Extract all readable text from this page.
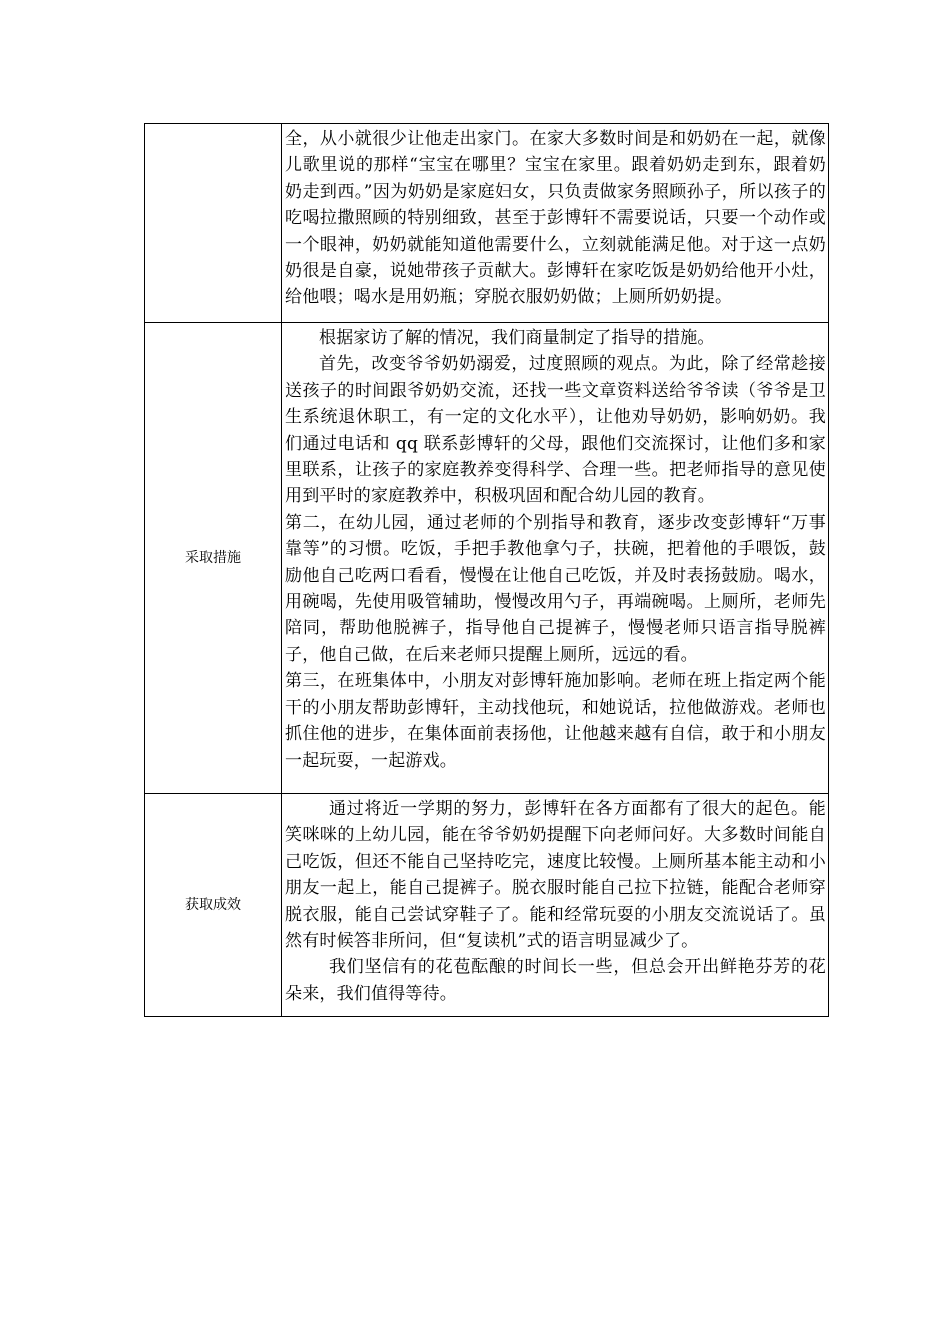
	全，从小就很少让他走出家门。在家大多数时间是和奶奶在一起，就像儿歌里说的那样“宝宝在哪里？宝宝在家里。跟着奶奶走到东，跟着奶奶走到西。”因为奶奶是家庭妇女，只负责做家务照顾孙子，所以孩子的吃喝拉撒照顾的特别细致，甚至于彭博轩不需要说话，只要一个动作或一个眼神，奶奶就能知道他需要什么，立刻就能满足他。对于这一点奶奶很是自豪，说她带孩子贡献大。彭博轩在家吃饭是奶奶给他开小灶，给他喂；喝水是用奶瓶；穿脱衣服奶奶做；上厕所奶奶提。

采取措施	根据家访了解的情况，我们商量制定了指导的措施。

首先，改变爷爷奶奶溺爱，过度照顾的观点。为此，除了经常趁接送孩子的时间跟爷奶奶交流，还找一些文章资料送给爷爷读（爷爷是卫生系统退休职工，有一定的文化水平），让他劝导奶奶，影响奶奶。我们通过电话和 qq 联系彭博轩的父母，跟他们交流探讨，让他们多和家里联系，让孩子的家庭教养变得科学、合理一些。把老师指导的意见使用到平时的家庭教养中，积极巩固和配合幼儿园的教育。

第二，在幼儿园，通过老师的个别指导和教育，逐步改变彭博轩“万事靠等”的习惯。吃饭，手把手教他拿勺子，扶碗，把着他的手喂饭，鼓励他自己吃两口看看，慢慢在让他自己吃饭，并及时表扬鼓励。喝水，用碗喝，先使用吸管辅助，慢慢改用勺子，再端碗喝。上厕所，老师先陪同，帮助他脱裤子，指导他自己提裤子，慢慢老师只语言指导脱裤子，他自己做，在后来老师只提醒上厕所，远远的看。

第三，在班集体中，小朋友对彭博轩施加影响。老师在班上指定两个能干的小朋友帮助彭博轩，主动找他玩，和她说话，拉他做游戏。老师也抓住他的进步，在集体面前表扬他，让他越来越有自信，敢于和小朋友一起玩耍，一起游戏。

获取成效	通过将近一学期的努力，彭博轩在各方面都有了很大的起色。能笑咪咪的上幼儿园，能在爷爷奶奶提醒下向老师问好。大多数时间能自己吃饭，但还不能自己坚持吃完，速度比较慢。上厕所基本能主动和小朋友一起上，能自己提裤子。脱衣服时能自己拉下拉链，能配合老师穿脱衣服，能自己尝试穿鞋子了。能和经常玩耍的小朋友交流说话了。虽然有时候答非所问，但“复读机”式的语言明显减少了。

我们坚信有的花苞酝酿的时间长一些，但总会开出鲜艳芬芳的花朵来，我们值得等待。
